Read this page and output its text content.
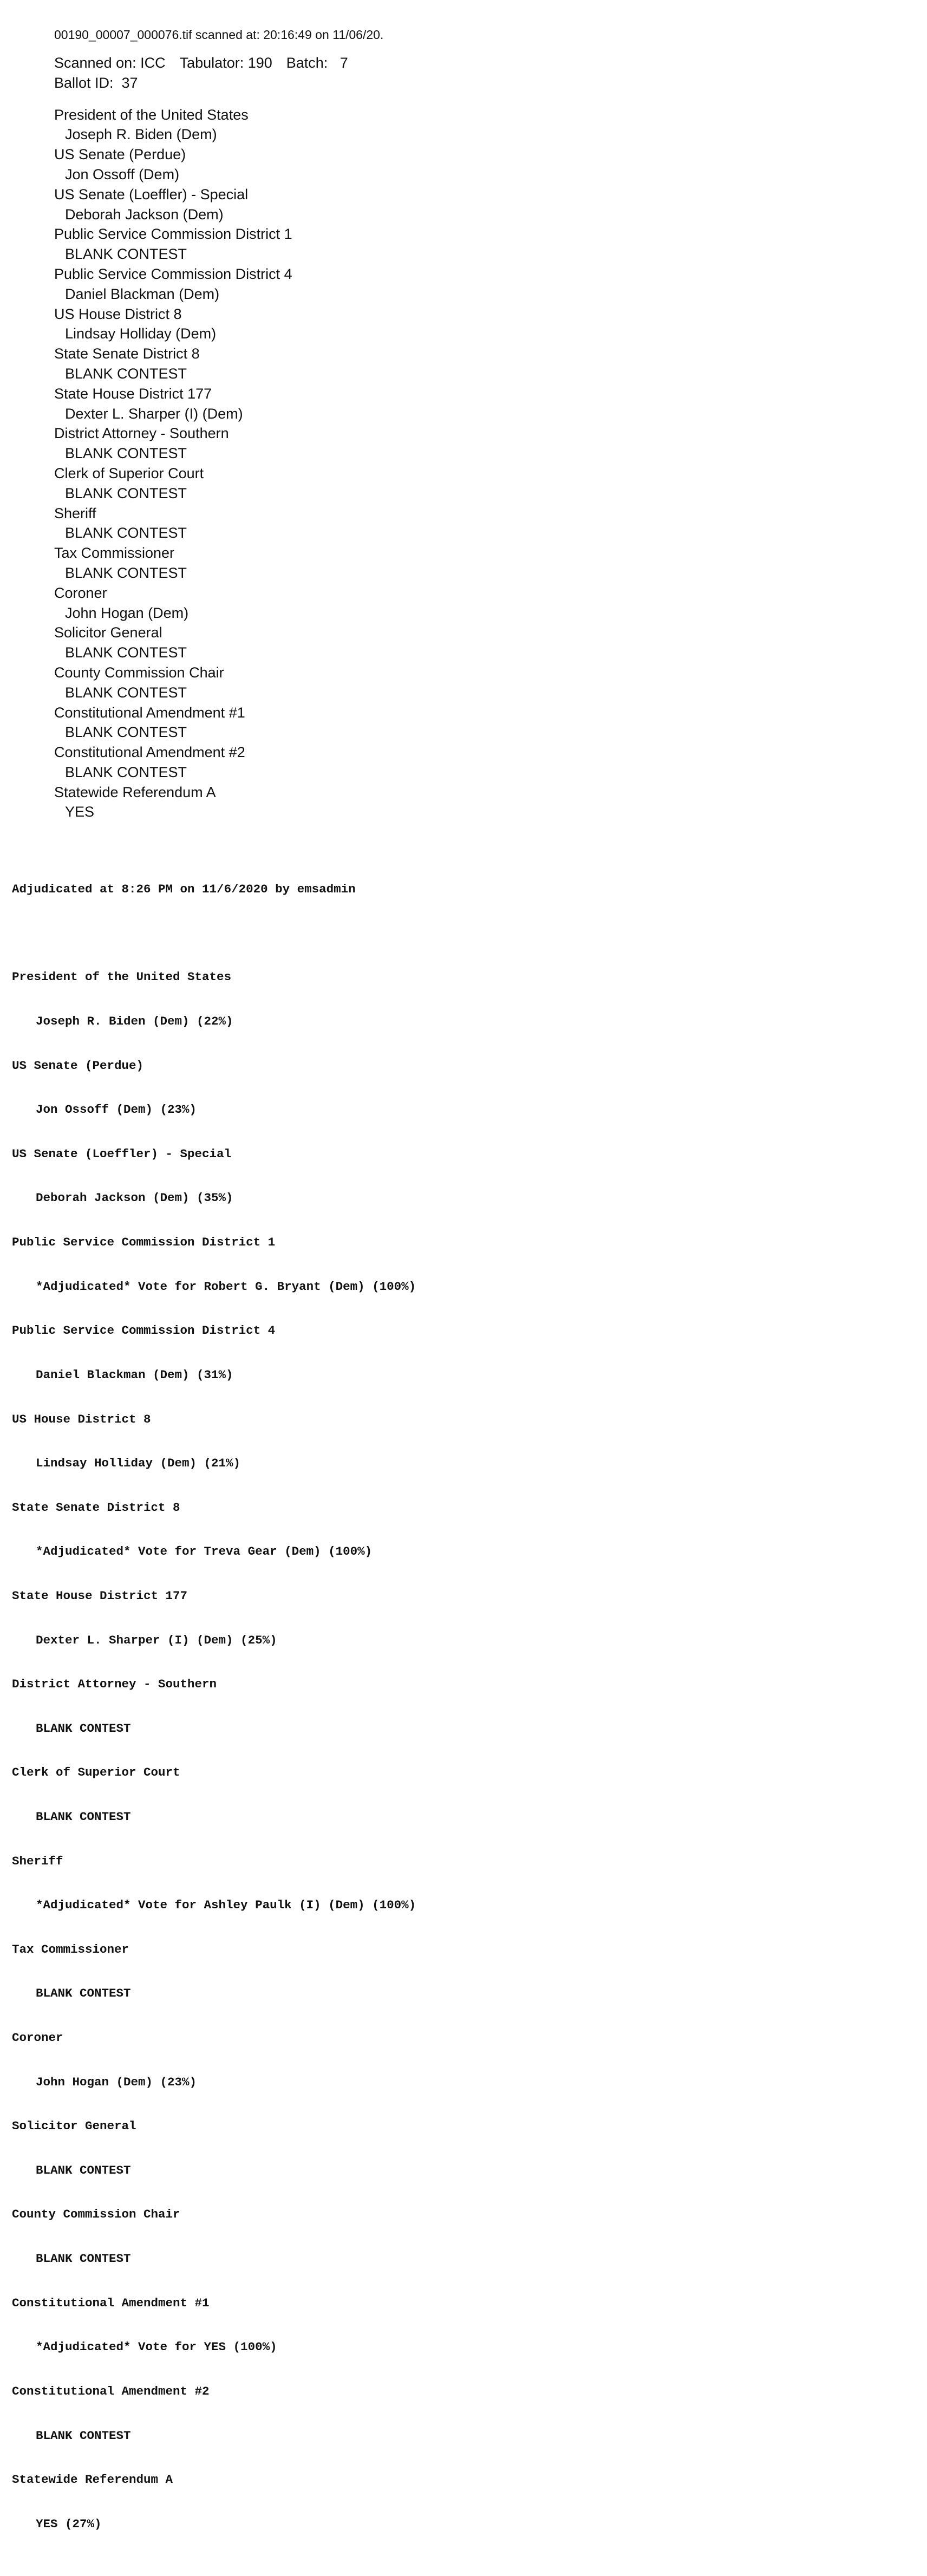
00190_00007_000076.tif scanned at: 20:16:49 on 11/06/20.
Scanned on: ICC Tabulator: 190 Batch:   7
Ballot ID:  37
President of the United States
Joseph R. Biden (Dem)
US Senate (Perdue)
Jon Ossoff (Dem)
US Senate (Loeffler) - Special
Deborah Jackson (Dem)
Public Service Commission District 1
BLANK CONTEST
Public Service Commission District 4
Daniel Blackman (Dem)
US House District 8
Lindsay Holliday (Dem)
State Senate District 8
BLANK CONTEST
State House District 177
Dexter L. Sharper (I) (Dem)
District Attorney - Southern
BLANK CONTEST
Clerk of Superior Court
BLANK CONTEST
Sheriff
BLANK CONTEST
Tax Commissioner
BLANK CONTEST
Coroner
John Hogan (Dem)
Solicitor General
BLANK CONTEST
County Commission Chair
BLANK CONTEST
Constitutional Amendment #1
BLANK CONTEST
Constitutional Amendment #2
BLANK CONTEST
Statewide Referendum A
YES

Adjudicated at 8:26 PM on 11/6/2020 by emsadmin

President of the United States

Joseph R. Biden (Dem) (22%)

US Senate (Perdue)

Jon Ossoff (Dem) (23%)

US Senate (Loeffler) - Special

Deborah Jackson (Dem) (35%)

Public Service Commission District 1

*Adjudicated* Vote for Robert G. Bryant (Dem) (100%)

Public Service Commission District 4

Daniel Blackman (Dem) (31%)

US House District 8

Lindsay Holliday (Dem) (21%)

State Senate District 8

*Adjudicated* Vote for Treva Gear (Dem) (100%)

State House District 177

Dexter L. Sharper (I) (Dem) (25%)

District Attorney - Southern

BLANK CONTEST

Clerk of Superior Court

BLANK CONTEST

Sheriff

*Adjudicated* Vote for Ashley Paulk (I) (Dem) (100%)

Tax Commissioner

BLANK CONTEST

Coroner

John Hogan (Dem) (23%)

Solicitor General

BLANK CONTEST

County Commission Chair

BLANK CONTEST

Constitutional Amendment #1

*Adjudicated* Vote for YES (100%)

Constitutional Amendment #2

BLANK CONTEST

Statewide Referendum A

YES (27%)
